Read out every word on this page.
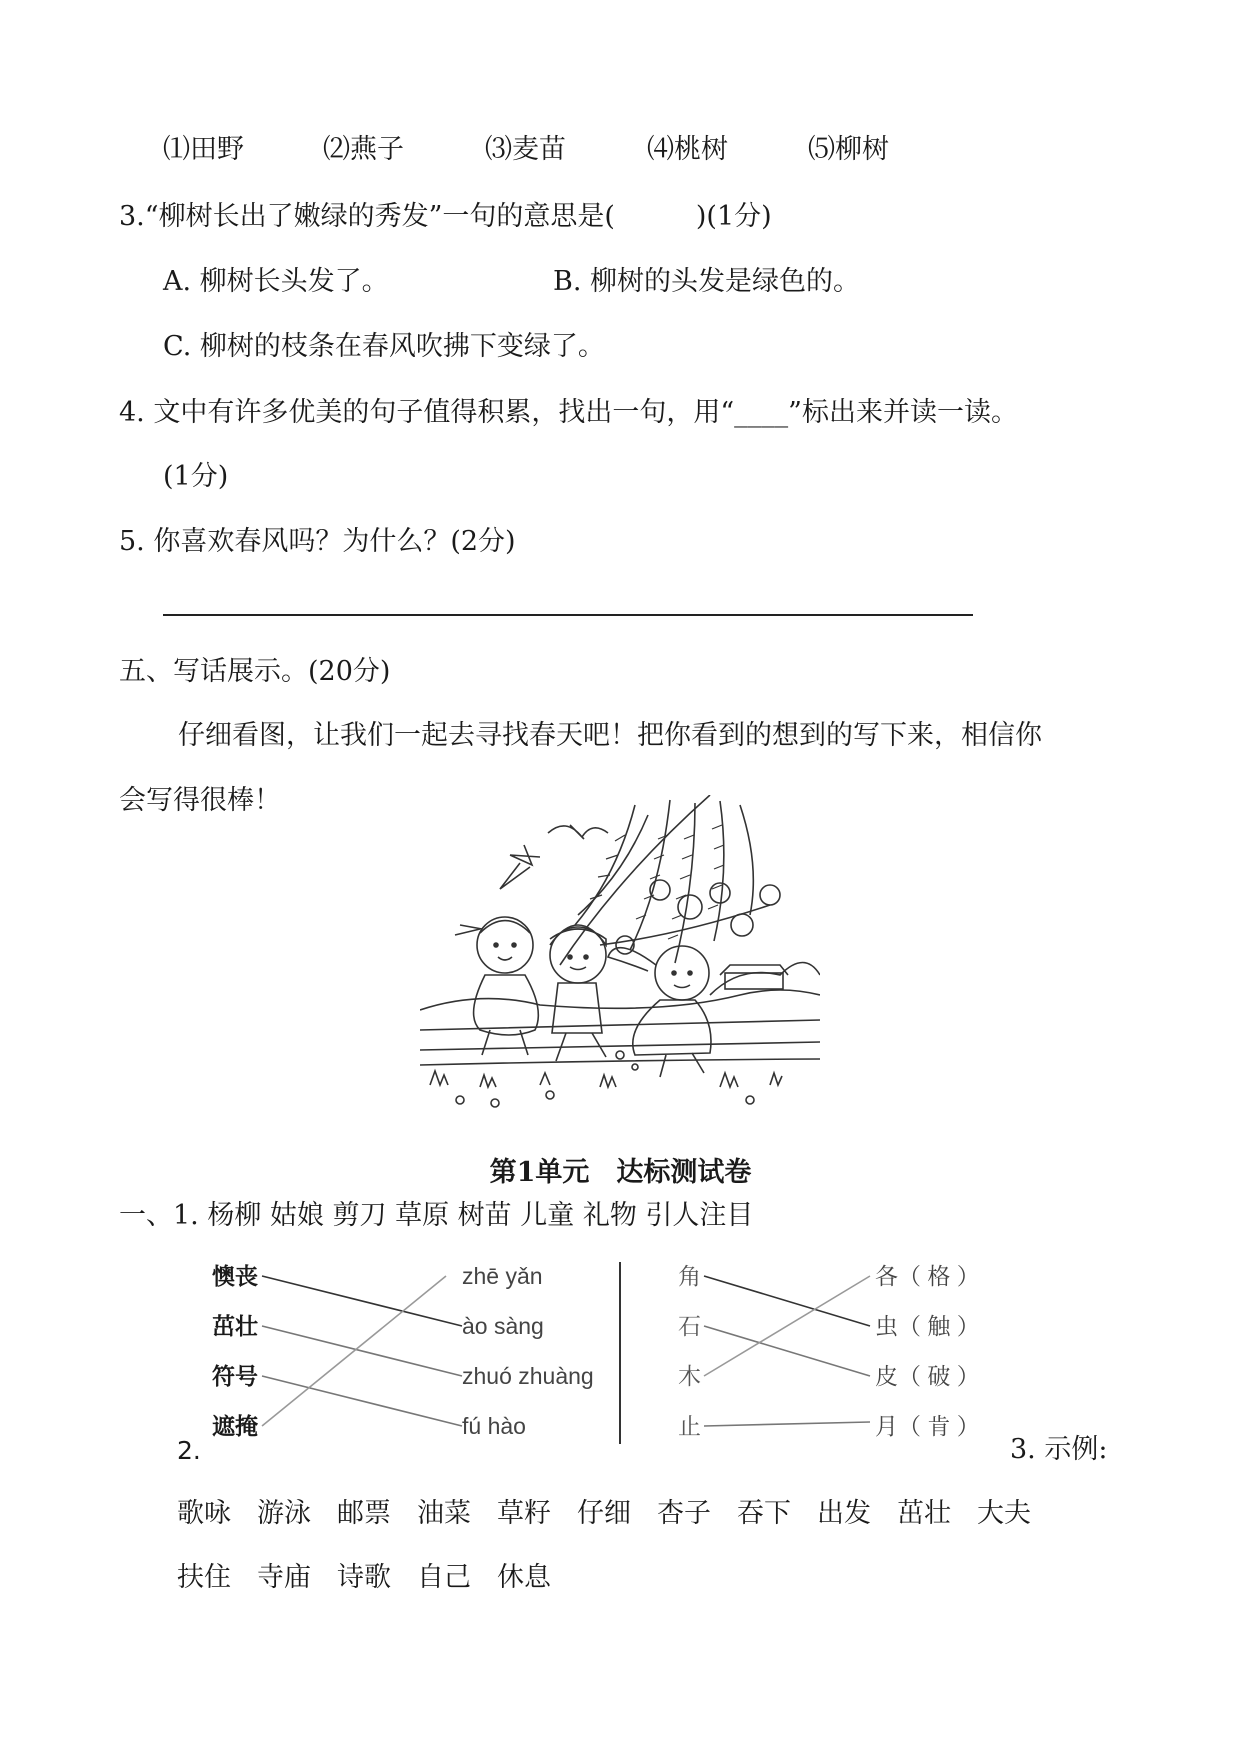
⑴田野	⑵燕子	⑶麦苗	⑷桃树	⑸柳树
3.“柳树长出了嫩绿的秀发”一句的意思是(　　　)(1分)
A. 柳树长头发了。	B. 柳树的头发是绿色的。
C. 柳树的枝条在春风吹拂下变绿了。
4. 文中有许多优美的句子值得积累，找出一句，用“____”标出来并读一读。
(1分)
5. 你喜欢春风吗？为什么？(2分)
五、写话展示。(20分)
仔细看图，让我们一起去寻找春天吧！把你看到的想到的写下来，相信你
会写得很棒！
第1单元　达标测试卷
一、1. 杨柳 姑娘 剪刀 草原 树苗 儿童 礼物 引人注目
懊丧
茁壮
符号
遮掩
zhē yǎn
ào sàng
zhuó zhuàng
fú hào
角
石
木
止
各（ 格 ）
虫（ 触 ）
皮（ 破 ）
月（ 肯 ）
2.	3. 示例:
歌咏 游泳 邮票 油菜 草籽 仔细 杏子 吞下 出发 茁壮 大夫
扶住 寺庙 诗歌 自己 休息
